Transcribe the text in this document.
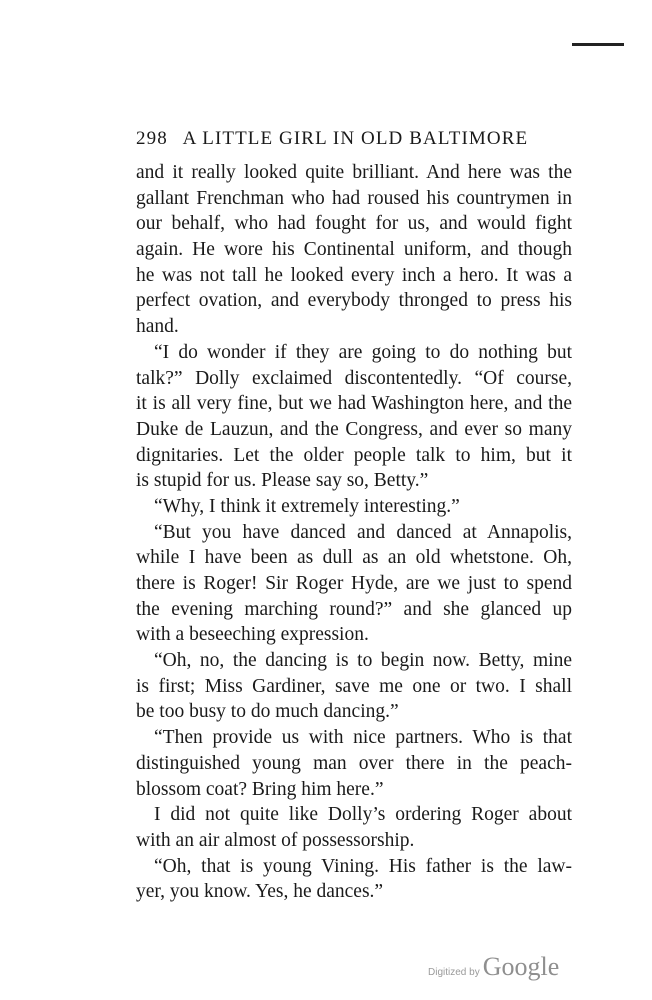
298 A LITTLE GIRL IN OLD BALTIMORE
and it really looked quite brilliant. And here was the
gallant Frenchman who had roused his countrymen in
our behalf, who had fought for us, and would fight
again. He wore his Continental uniform, and though
he was not tall he looked every inch a hero. It was a
perfect ovation, and everybody thronged to press his
hand.
“I do wonder if they are going to do nothing but
talk?” Dolly exclaimed discontentedly. “Of course,
it is all very fine, but we had Washington here, and the
Duke de Lauzun, and the Congress, and ever so many
dignitaries. Let the older people talk to him, but it
is stupid for us. Please say so, Betty.”
“Why, I think it extremely interesting.”
“But you have danced and danced at Annapolis,
while I have been as dull as an old whetstone. Oh,
there is Roger! Sir Roger Hyde, are we just to spend
the evening marching round?” and she glanced up
with a beseeching expression.
“Oh, no, the dancing is to begin now. Betty, mine
is first; Miss Gardiner, save me one or two. I shall
be too busy to do much dancing.”
“Then provide us with nice partners. Who is that
distinguished young man over there in the peach-
blossom coat? Bring him here.”
I did not quite like Dolly’s ordering Roger about
with an air almost of possessorship.
“Oh, that is young Vining. His father is the law-
yer, you know. Yes, he dances.”
Digitized by Google
